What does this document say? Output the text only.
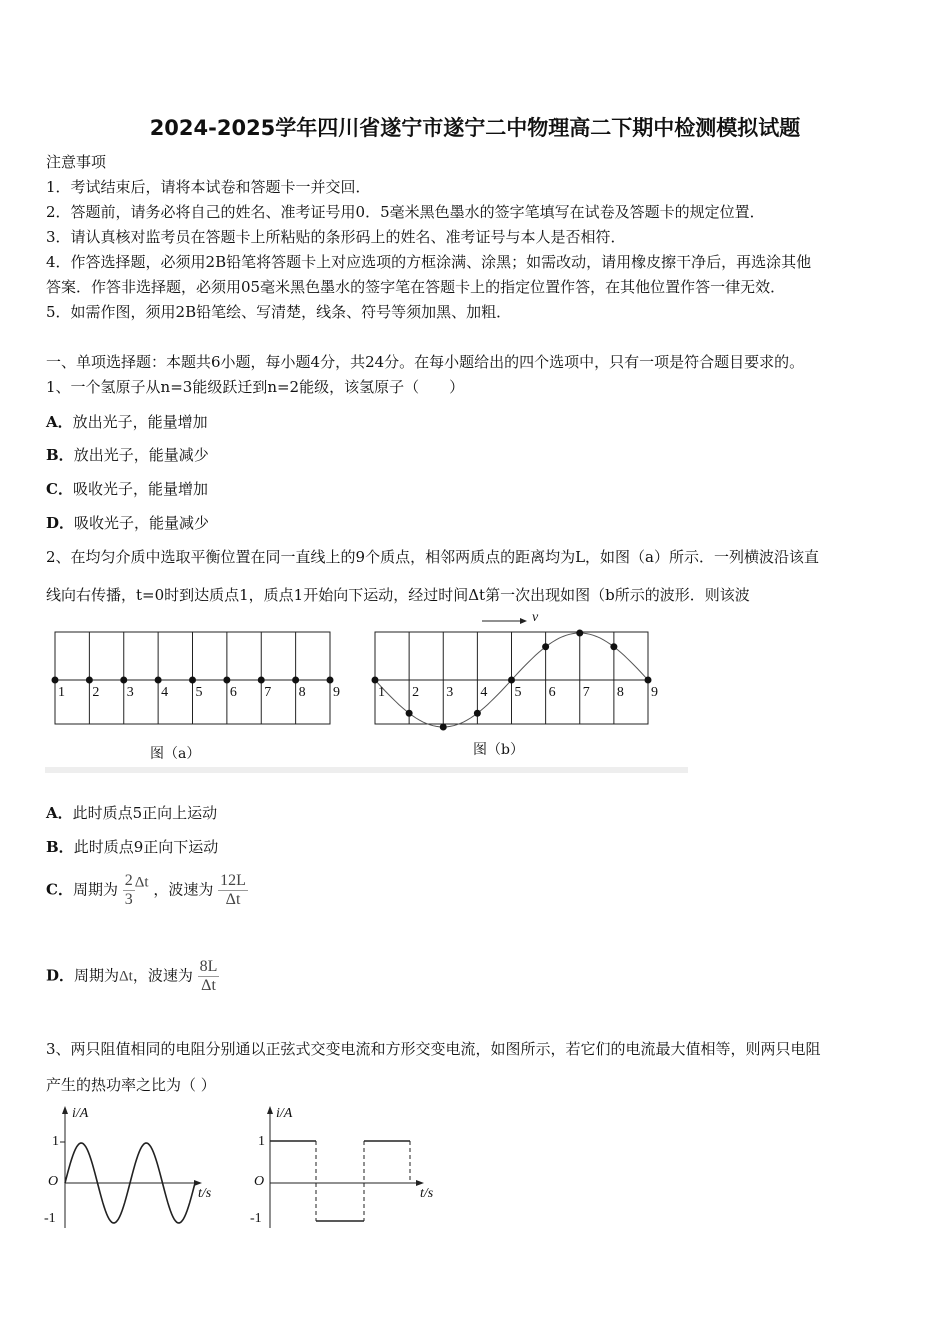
2024-2025学年四川省遂宁市遂宁二中物理高二下期中检测模拟试题
注意事项
1．考试结束后，请将本试卷和答题卡一并交回．
2．答题前，请务必将自己的姓名、准考证号用0．5毫米黑色墨水的签字笔填写在试卷及答题卡的规定位置．
3．请认真核对监考员在答题卡上所粘贴的条形码上的姓名、准考证号与本人是否相符．
4．作答选择题，必须用2B铅笔将答题卡上对应选项的方框涂满、涂黑；如需改动，请用橡皮擦干净后，再选涂其他
答案．作答非选择题，必须用05毫米黑色墨水的签字笔在答题卡上的指定位置作答，在其他位置作答一律无效．
5．如需作图，须用2B铅笔绘、写清楚，线条、符号等须加黑、加粗．
一、单项选择题：本题共6小题，每小题4分，共24分。在每小题给出的四个选项中，只有一项是符合题目要求的。
1、一个氢原子从n=3能级跃迁到n=2能级，该氢原子（　　）
A．放出光子，能量增加
B．放出光子，能量减少
C．吸收光子，能量增加
D．吸收光子，能量减少
2、在均匀介质中选取平衡位置在同一直线上的9个质点，相邻两质点的距离均为L，如图（a）所示．一列横波沿该直
线向右传播，t=0时到达质点1，质点1开始向下运动，经过时间Δt第一次出现如图（b所示的波形．则该波
v
图（a）	图（b）
A．此时质点5正向上运动
B．此时质点9正向下运动
C．周期为 $\frac{2}{3}$ Δt ，波速为 $\frac{12L}{\Delta t}$
D．周期为Δt，波速为 $\frac{8L}{\Delta t}$
3、两只阻值相同的电阻分别通以正弦式交变电流和方形交变电流，如图所示，若它们的电流最大值相等，则两只电阻
产生的热功率之比为（ ）
i/A
1
O
-1
t/s
i/A
1
O
-1
t/s
1 2 3 4 5 6 7 8 9	1 2 3 4 5 6 7 8 9
